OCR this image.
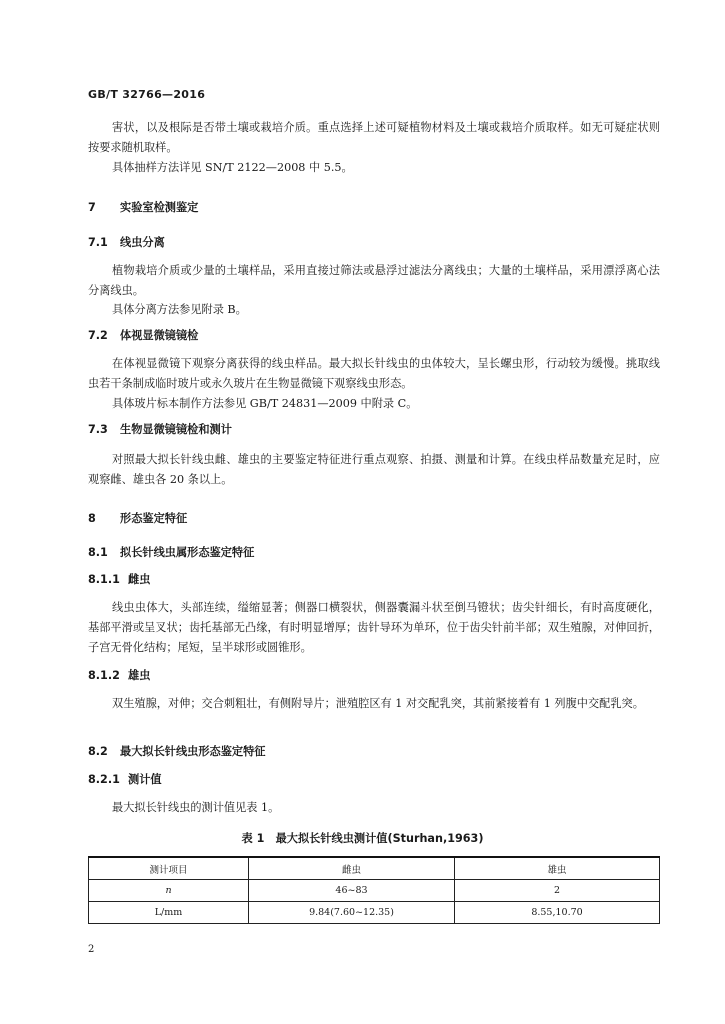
GB/T 32766—2016
害状，以及根际是否带土壤或栽培介质。重点选择上述可疑植物材料及土壤或栽培介质取样。如无可疑症状则按要求随机取样。
具体抽样方法详见 SN/T 2122—2008 中 5.5。
7 实验室检测鉴定
7.1 线虫分离
植物栽培介质或少量的土壤样品，采用直接过筛法或悬浮过滤法分离线虫；大量的土壤样品，采用漂浮离心法分离线虫。
具体分离方法参见附录 B。
7.2 体视显微镜镜检
在体视显微镜下观察分离获得的线虫样品。最大拟长针线虫的虫体较大，呈长螺虫形，行动较为缓慢。挑取线虫若干条制成临时玻片或永久玻片在生物显微镜下观察线虫形态。
具体玻片标本制作方法参见 GB/T 24831—2009 中附录 C。
7.3 生物显微镜镜检和测计
对照最大拟长针线虫雌、雄虫的主要鉴定特征进行重点观察、拍摄、测量和计算。在线虫样品数量充足时，应观察雌、雄虫各 20 条以上。
8 形态鉴定特征
8.1 拟长针线虫属形态鉴定特征
8.1.1 雌虫
线虫虫体大，头部连续，缢缩显著；侧器口横裂状，侧器囊漏斗状至倒马镫状；齿尖针细长，有时高度硬化，基部平滑或呈叉状；齿托基部无凸缘，有时明显增厚；齿针导环为单环，位于齿尖针前半部；双生殖腺，对伸回折，子宫无骨化结构；尾短，呈半球形或圆锥形。
8.1.2 雄虫
双生殖腺，对伸；交合刺粗壮，有侧附导片；泄殖腔区有 1 对交配乳突，其前紧接着有 1 列腹中交配乳突。
8.2 最大拟长针线虫形态鉴定特征
8.2.1 测计值
最大拟长针线虫的测计值见表 1。
表 1　最大拟长针线虫测计值(Sturhan,1963)
测计项目	雌虫	雄虫
n	46~83	2
L/mm	9.84(7.60~12.35)	8.55,10.70
2
